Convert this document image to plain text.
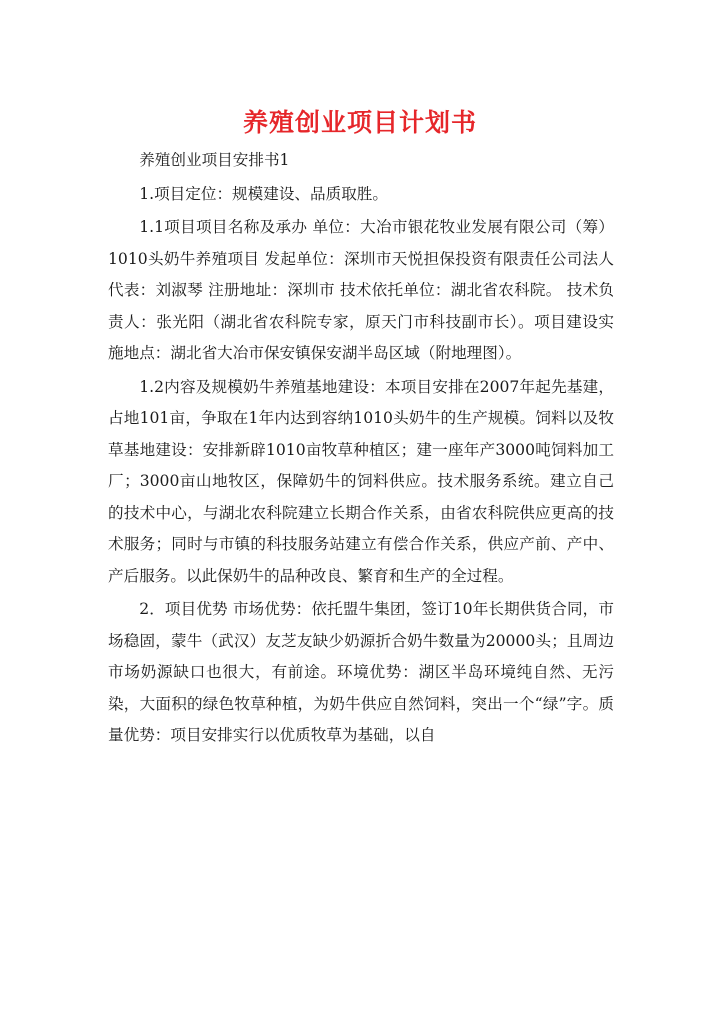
养殖创业项目计划书

养殖创业项目安排书1

1.项目定位：规模建设、品质取胜。

1.1项目项目名称及承办 单位：大冶市银花牧业发展有限公司（筹）1010头奶牛养殖项目 发起单位：深圳市天悦担保投资有限责任公司法人代表：刘淑琴 注册地址：深圳市 技术依托单位：湖北省农科院。 技术负责人：张光阳（湖北省农科院专家，原天门市科技副市长）。项目建设实施地点：湖北省大冶市保安镇保安湖半岛区域（附地理图）。

1.2内容及规模奶牛养殖基地建设：本项目安排在2007年起先基建，占地101亩，争取在1年内达到容纳1010头奶牛的生产规模。饲料以及牧草基地建设：安排新辟1010亩牧草种植区；建一座年产3000吨饲料加工厂；3000亩山地牧区，保障奶牛的饲料供应。技术服务系统。建立自己的技术中心，与湖北农科院建立长期合作关系，由省农科院供应更高的技术服务；同时与市镇的科技服务站建立有偿合作关系，供应产前、产中、产后服务。以此保奶牛的品种改良、繁育和生产的全过程。

2．项目优势 市场优势：依托盟牛集团，签订10年长期供货合同，市场稳固，蒙牛（武汉）友芝友缺少奶源折合奶牛数量为20000头；且周边市场奶源缺口也很大，有前途。环境优势：湖区半岛环境纯自然、无污染，大面积的绿色牧草种植，为奶牛供应自然饲料，突出一个“绿”字。质量优势：项目安排实行以优质牧草为基础，以自
